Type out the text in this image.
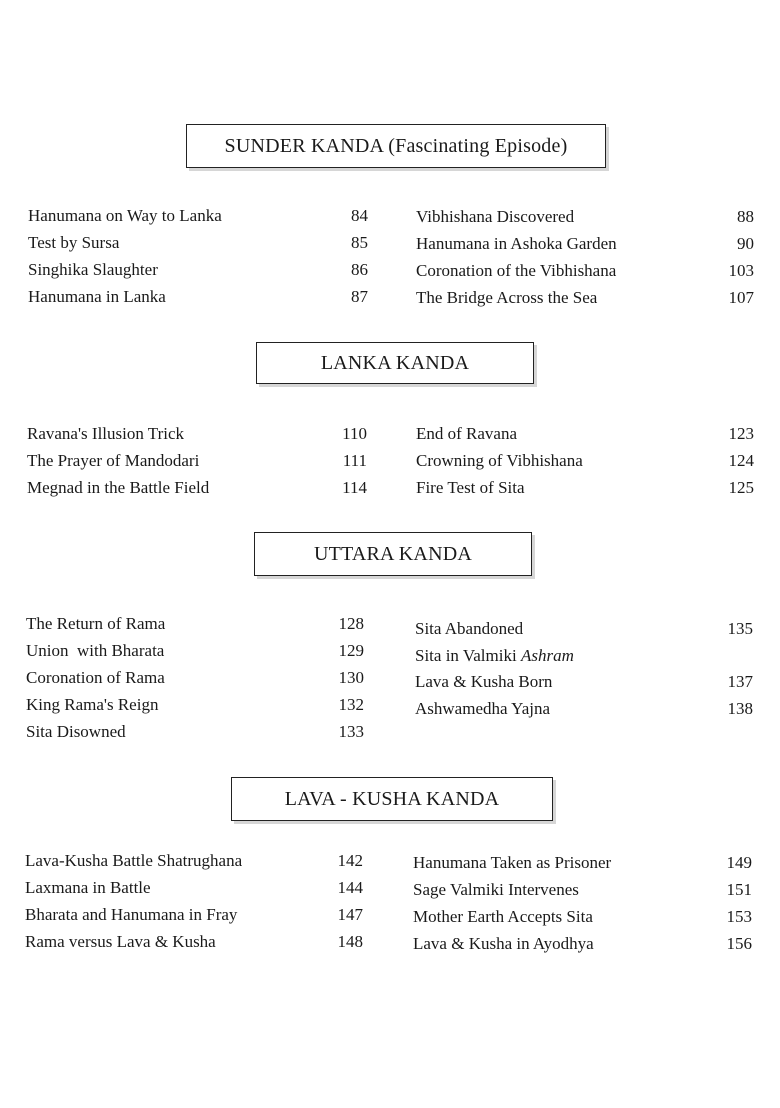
SUNDER KANDA (Fascinating Episode)
Hanumana on Way to Lanka	84
Test by Sursa	85
Singhika Slaughter	86
Hanumana in Lanka	87
Vibhishana Discovered	88
Hanumana in Ashoka Garden	90
Coronation of the Vibhishana	103
The Bridge Across the Sea	107
LANKA KANDA
Ravana's Illusion Trick	110
The Prayer of Mandodari	111
Megnad in the Battle Field	114
End of Ravana	123
Crowning of Vibhishana	124
Fire Test of Sita	125
UTTARA KANDA
The Return of Rama	128
Union  with Bharata	129
Coronation of Rama	130
King Rama's Reign	132
Sita Disowned	133
Sita Abandoned	135
Sita in Valmiki Ashram
Lava & Kusha Born	137
Ashwamedha Yajna	138
LAVA - KUSHA KANDA
Lava-Kusha Battle Shatrughana	142
Laxmana in Battle	144
Bharata and Hanumana in Fray	147
Rama versus Lava & Kusha	148
Hanumana Taken as Prisoner	149
Sage Valmiki Intervenes	151
Mother Earth Accepts Sita	153
Lava & Kusha in Ayodhya	156
